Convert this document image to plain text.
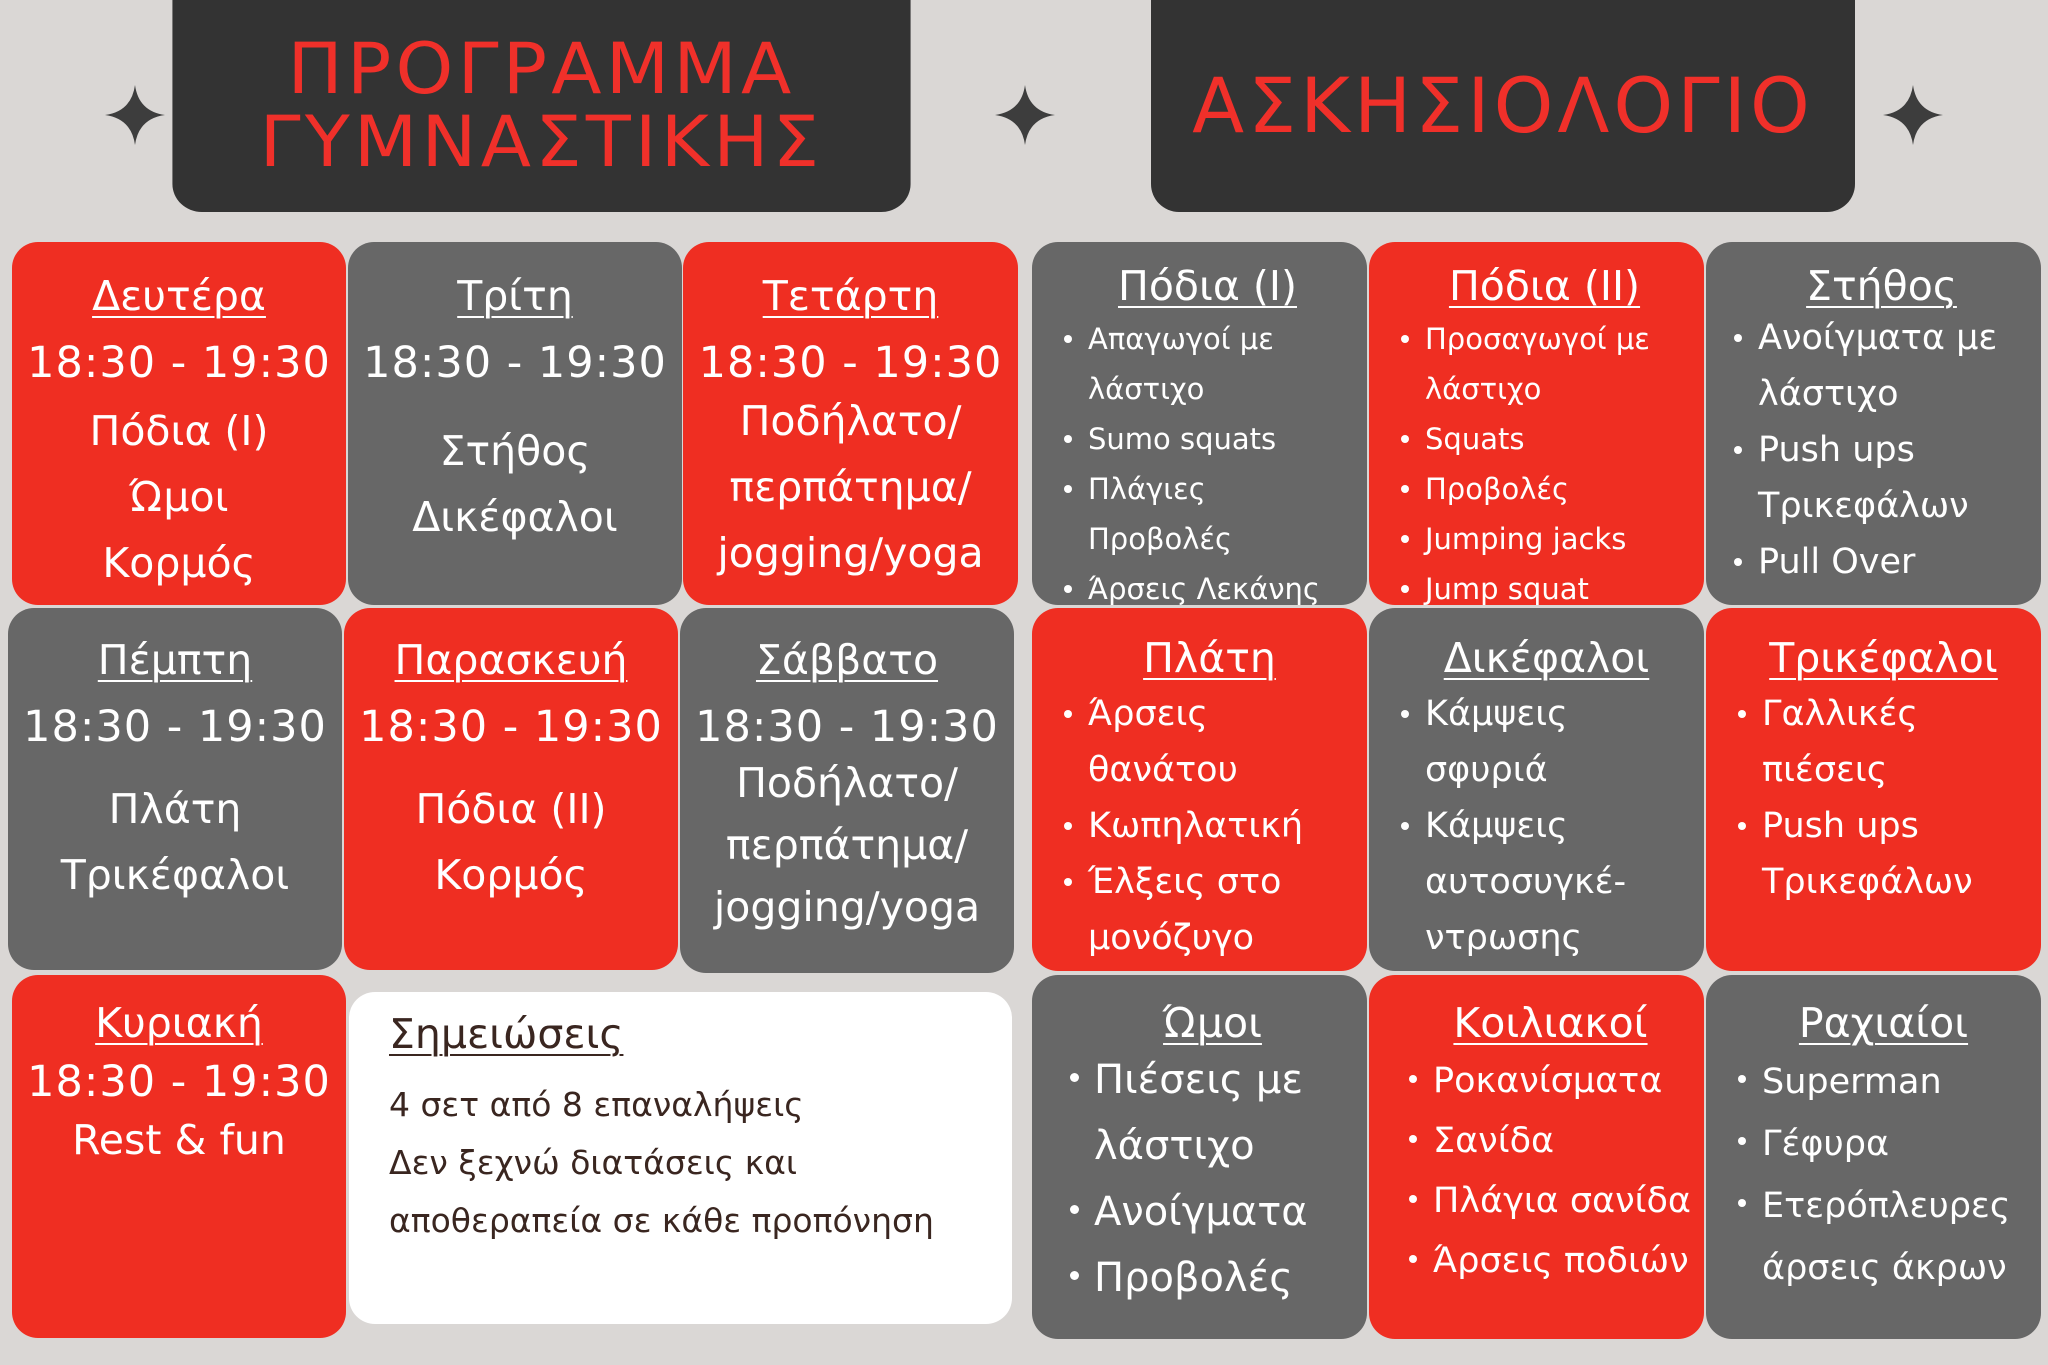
ΠΡΟΓΡΑΜΜΑ
ΓΥΜΝΑΣΤΙΚΗΣ	ΑΣΚΗΣΙΟΛΟΓΙΟ
Δευτέρα
18:30 - 19:30
Πόδια (Ι)
Ώμοι
Κορμός
Τρίτη
18:30 - 19:30
Στήθος
Δικέφαλοι
Τετάρτη
18:30 - 19:30
Ποδήλατο/
περπάτημα/
jogging/yoga
Πέμπτη
18:30 - 19:30
Πλάτη
Τρικέφαλοι
Παρασκευή
18:30 - 19:30
Πόδια (ΙΙ)
Κορμός
Σάββατο
18:30 - 19:30
Ποδήλατο/
περπάτημα/
jogging/yoga
Κυριακή
18:30 - 19:30
Rest & fun
Σημειώσεις
4 σετ από 8 επαναλήψεις
Δεν ξεχνώ διατάσεις και
αποθεραπεία σε κάθε προπόνηση
Πόδια (Ι)
Απαγωγοί με
λάστιχο
Sumo squats
Πλάγιες Προβολές
Άρσεις Λεκάνης
Πόδια (ΙΙ)
Προσαγωγοί με
λάστιχο
Squats
Προβολές
Jumping jacks
Jump squat
Στήθος
Ανοίγματα με
λάστιχο
Push ups
Τρικεφάλων
Pull Over
Πλάτη
Άρσεις
θανάτου
Κωπηλατική
Έλξεις στο
μονόζυγο
Δικέφαλοι
Κάμψεις
σφυριά
Κάμψεις
αυτοσυγκέ-
ντρωσης
Τρικέφαλοι
Γαλλικές
πιέσεις
Push ups
Τρικεφάλων
Ώμοι
Πιέσεις με
λάστιχο
Ανοίγματα
Προβολές
Κοιλιακοί
Ροκανίσματα
Σανίδα
Πλάγια σανίδα
Άρσεις ποδιών
Ραχιαίοι
Superman
Γέφυρα
Ετερόπλευρες
άρσεις άκρων
